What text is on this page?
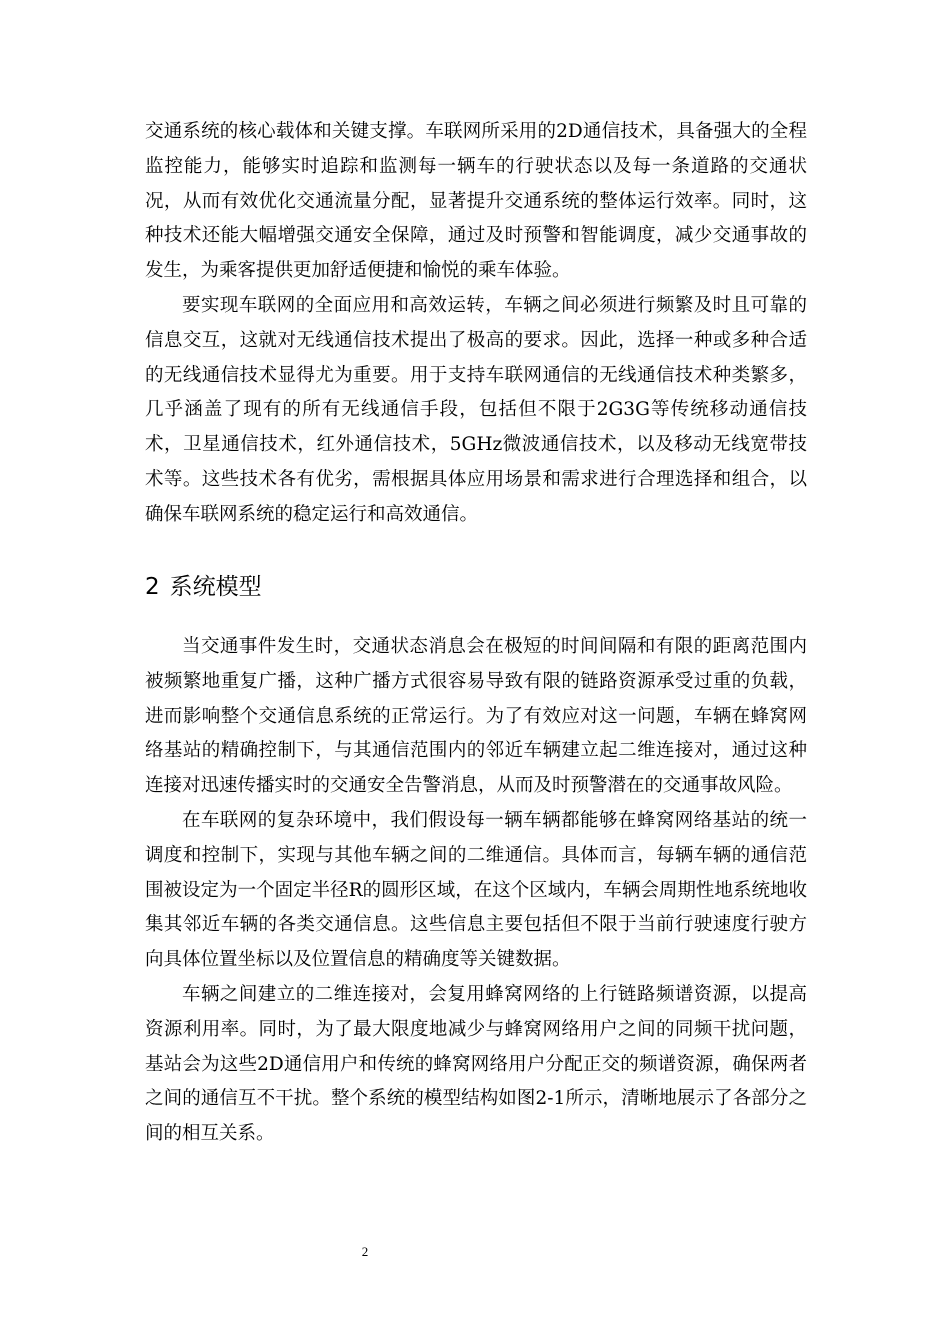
交通系统的核心载体和关键支撑。车联网所采用的2D通信技术，具备强大的全程监控能力，能够实时追踪和监测每一辆车的行驶状态以及每一条道路的交通状况，从而有效优化交通流量分配，显著提升交通系统的整体运行效率。同时，这种技术还能大幅增强交通安全保障，通过及时预警和智能调度，减少交通事故的发生，为乘客提供更加舒适便捷和愉悦的乘车体验。

要实现车联网的全面应用和高效运转，车辆之间必须进行频繁及时且可靠的信息交互，这就对无线通信技术提出了极高的要求。因此，选择一种或多种合适的无线通信技术显得尤为重要。用于支持车联网通信的无线通信技术种类繁多，几乎涵盖了现有的所有无线通信手段，包括但不限于2G3G等传统移动通信技术，卫星通信技术，红外通信技术，5GHz微波通信技术，以及移动无线宽带技术等。这些技术各有优劣，需根据具体应用场景和需求进行合理选择和组合，以确保车联网系统的稳定运行和高效通信。

2 系统模型

当交通事件发生时，交通状态消息会在极短的时间间隔和有限的距离范围内被频繁地重复广播，这种广播方式很容易导致有限的链路资源承受过重的负载，进而影响整个交通信息系统的正常运行。为了有效应对这一问题，车辆在蜂窝网络基站的精确控制下，与其通信范围内的邻近车辆建立起二维连接对，通过这种连接对迅速传播实时的交通安全告警消息，从而及时预警潜在的交通事故风险。

在车联网的复杂环境中，我们假设每一辆车辆都能够在蜂窝网络基站的统一调度和控制下，实现与其他车辆之间的二维通信。具体而言，每辆车辆的通信范围被设定为一个固定半径R的圆形区域，在这个区域内，车辆会周期性地系统地收集其邻近车辆的各类交通信息。这些信息主要包括但不限于当前行驶速度行驶方向具体位置坐标以及位置信息的精确度等关键数据。

车辆之间建立的二维连接对，会复用蜂窝网络的上行链路频谱资源，以提高资源利用率。同时，为了最大限度地减少与蜂窝网络用户之间的同频干扰问题，基站会为这些2D通信用户和传统的蜂窝网络用户分配正交的频谱资源，确保两者之间的通信互不干扰。整个系统的模型结构如图2-1所示，清晰地展示了各部分之间的相互关系。

2
